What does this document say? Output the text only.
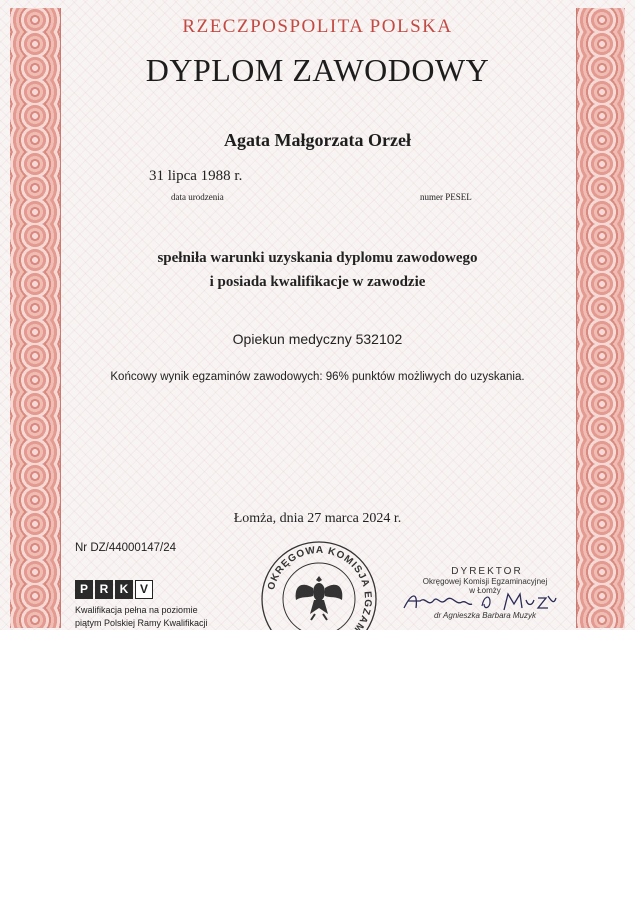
RZECZPOSPOLITA POLSKA

DYPLOM ZAWODOWY

Agata Małgorzata Orzeł

31 lipca 1988 r.

data urodzenia	numer PESEL

spełniła warunki uzyskania dyplomu zawodowego

i posiada kwalifikacje w zawodzie

Opiekun medyczny 532102

Końcowy wynik egzaminów zawodowych: 96% punktów możliwych do uzyskania.

Łomża, dnia 27 marca 2024 r.

Nr DZ/44000147/24

P R K V
Kwalifikacja pełna na poziomie
piątym Polskiej Ramy Kwalifikacji
OKRĘGOWA KOMISJA EGZAMINACYJNA

DYREKTOR

Okręgowej Komisji Egzaminacyjnej

w Łomży

dr Agnieszka Barbara Muzyk
